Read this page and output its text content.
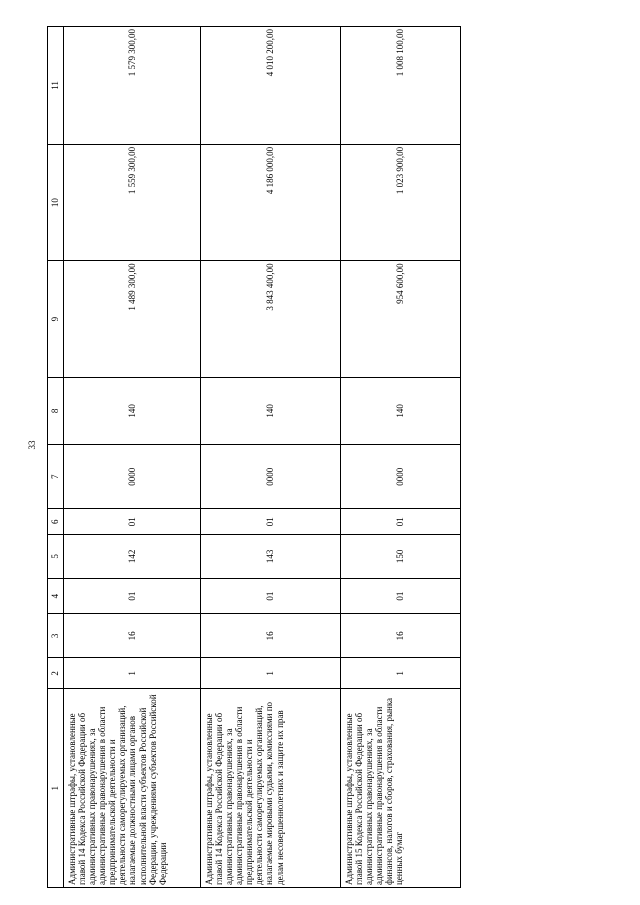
33
1	2	3	4	5	6	7	8	9	10	11
Административные штрафы, установленные главой 14 Кодекса Российской Федерации об административных правонарушениях, за административные правонарушения в области предпринимательской деятельности и деятельности саморегулируемых организаций, налагаемые должностными лицами органов исполнительной власти субъектов Российской Федерации, учреждениями субъектов Российской Федерации	1	16	01	142	01	0000	140	1 489 300,00	1 559 300,00	1 579 300,00
Административные штрафы, установленные главой 14 Кодекса Российской Федерации об административных правонарушениях, за административные правонарушения в области предпринимательской деятельности и деятельности саморегулируемых организаций, налагаемые мировыми судьями, комиссиями по делам несовершеннолетних и защите их прав	1	16	01	143	01	0000	140	3 843 400,00	4 186 000,00	4 010 200,00
Административные штрафы, установленные главой 15 Кодекса Российской Федерации об административных правонарушениях, за административные правонарушения в области финансов, налогов и сборов, страхования, рынка ценных бумаг	1	16	01	150	01	0000	140	954 600,00	1 023 900,00	1 008 100,00
